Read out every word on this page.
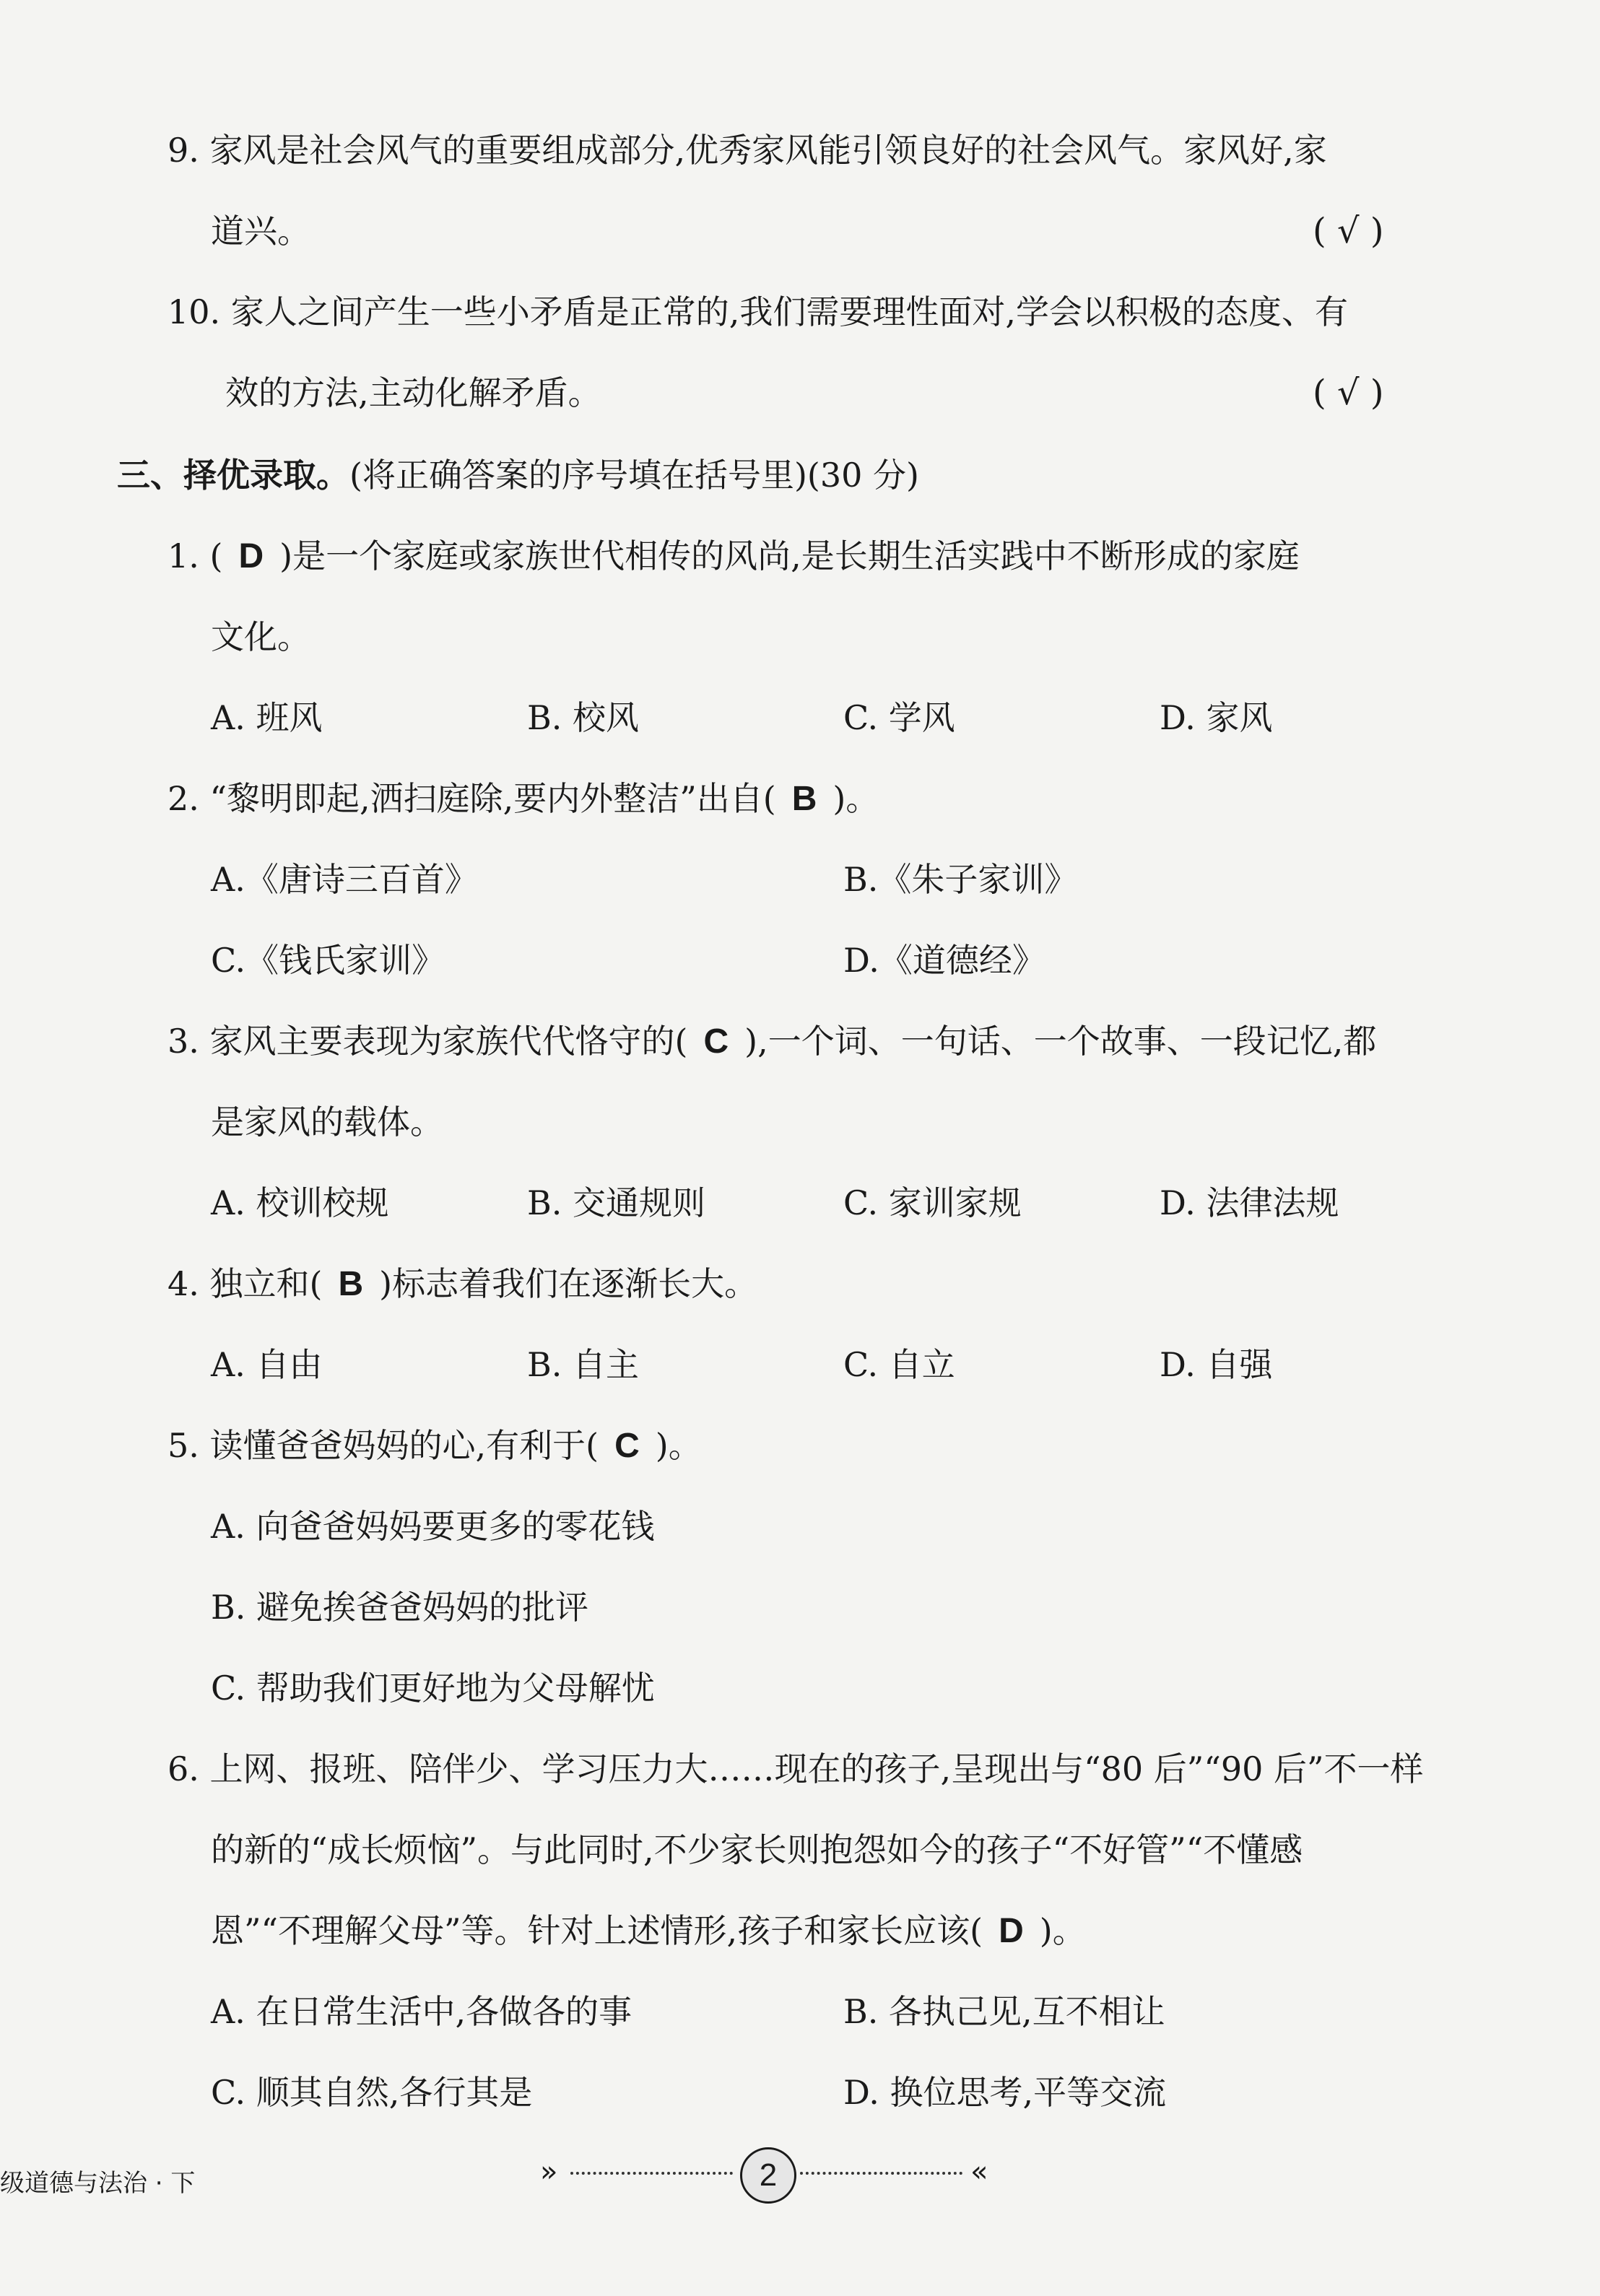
9. 家风是社会风气的重要组成部分,优秀家风能引领良好的社会风气。家风好,家
道兴。	( √ )
10. 家人之间产生一些小矛盾是正常的,我们需要理性面对,学会以积极的态度、有
效的方法,主动化解矛盾。	( √ )
三、择优录取。(将正确答案的序号填在括号里)(30 分)
1. ( D )是一个家庭或家族世代相传的风尚,是长期生活实践中不断形成的家庭
文化。
A. 班风	B. 校风	C. 学风	D. 家风
2. “黎明即起,洒扫庭除,要内外整洁”出自( B )。
A.《唐诗三百首》	B.《朱子家训》
C.《钱氏家训》	D.《道德经》
3. 家风主要表现为家族代代恪守的( C ),一个词、一句话、一个故事、一段记忆,都
是家风的载体。
A. 校训校规	B. 交通规则	C. 家训家规	D. 法律法规
4. 独立和( B )标志着我们在逐渐长大。
A. 自由	B. 自主	C. 自立	D. 自强
5. 读懂爸爸妈妈的心,有利于( C )。
A. 向爸爸妈妈要更多的零花钱
B. 避免挨爸爸妈妈的批评
C. 帮助我们更好地为父母解忧
6. 上网、报班、陪伴少、学习压力大……现在的孩子,呈现出与“80 后”“90 后”不一样
的新的“成长烦恼”。与此同时,不少家长则抱怨如今的孩子“不好管”“不懂感
恩”“不理解父母”等。针对上述情形,孩子和家长应该( D )。
A. 在日常生活中,各做各的事	B. 各执己见,互不相让
C. 顺其自然,各行其是	D. 换位思考,平等交流
级道德与法治 · 下	»	2	«
